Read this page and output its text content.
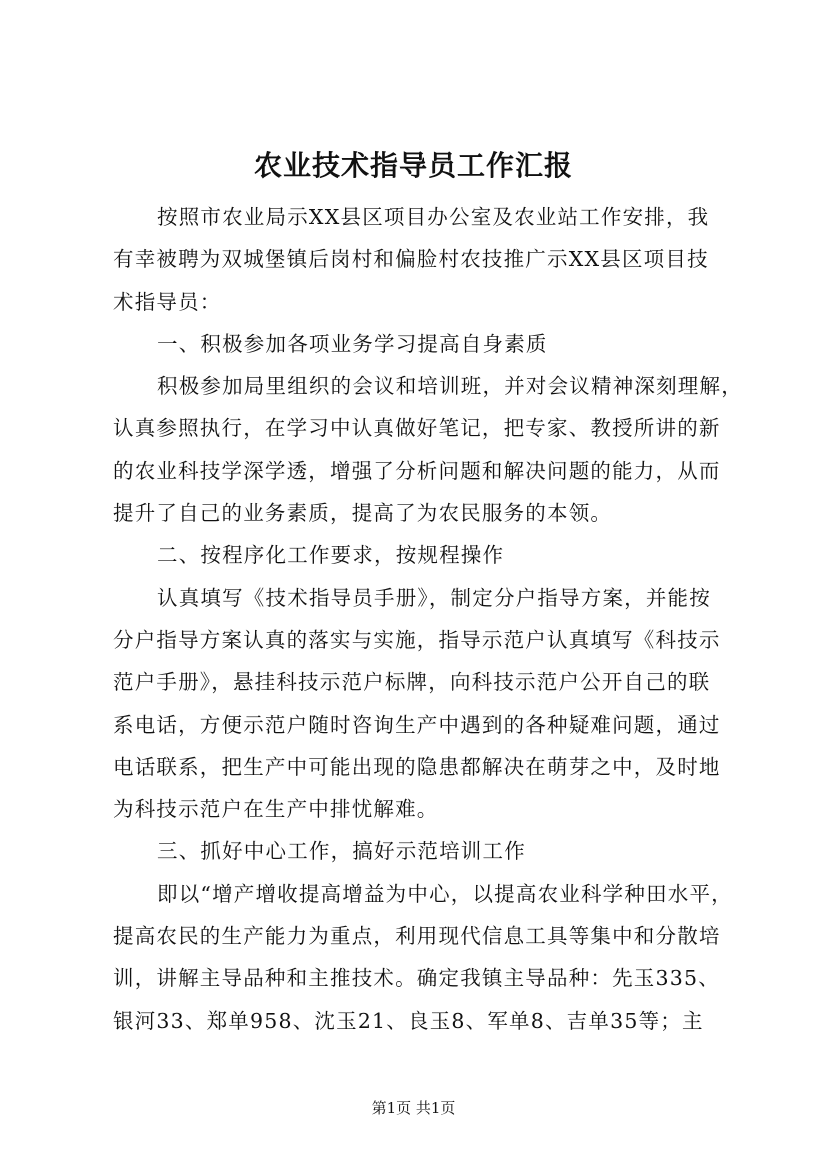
农业技术指导员工作汇报
按照市农业局示XX县区项目办公室及农业站工作安排，我
有幸被聘为双城堡镇后岗村和偏脸村农技推广示XX县区项目技
术指导员：
一、积极参加各项业务学习提高自身素质
积极参加局里组织的会议和培训班，并对会议精神深刻理解，
认真参照执行，在学习中认真做好笔记，把专家、教授所讲的新
的农业科技学深学透，增强了分析问题和解决问题的能力，从而
提升了自己的业务素质，提高了为农民服务的本领。
二、按程序化工作要求，按规程操作
认真填写《技术指导员手册》，制定分户指导方案，并能按
分户指导方案认真的落实与实施，指导示范户认真填写《科技示
范户手册》，悬挂科技示范户标牌，向科技示范户公开自己的联
系电话，方便示范户随时咨询生产中遇到的各种疑难问题，通过
电话联系，把生产中可能出现的隐患都解决在萌芽之中，及时地
为科技示范户在生产中排忧解难。
三、抓好中心工作，搞好示范培训工作
即以“增产增收提高增益为中心，以提高农业科学种田水平，
提高农民的生产能力为重点，利用现代信息工具等集中和分散培
训，讲解主导品种和主推技术。确定我镇主导品种：先玉335、
银河33、郑单958、沈玉21、良玉8、军单8、吉单35等；主
第1页 共1页
